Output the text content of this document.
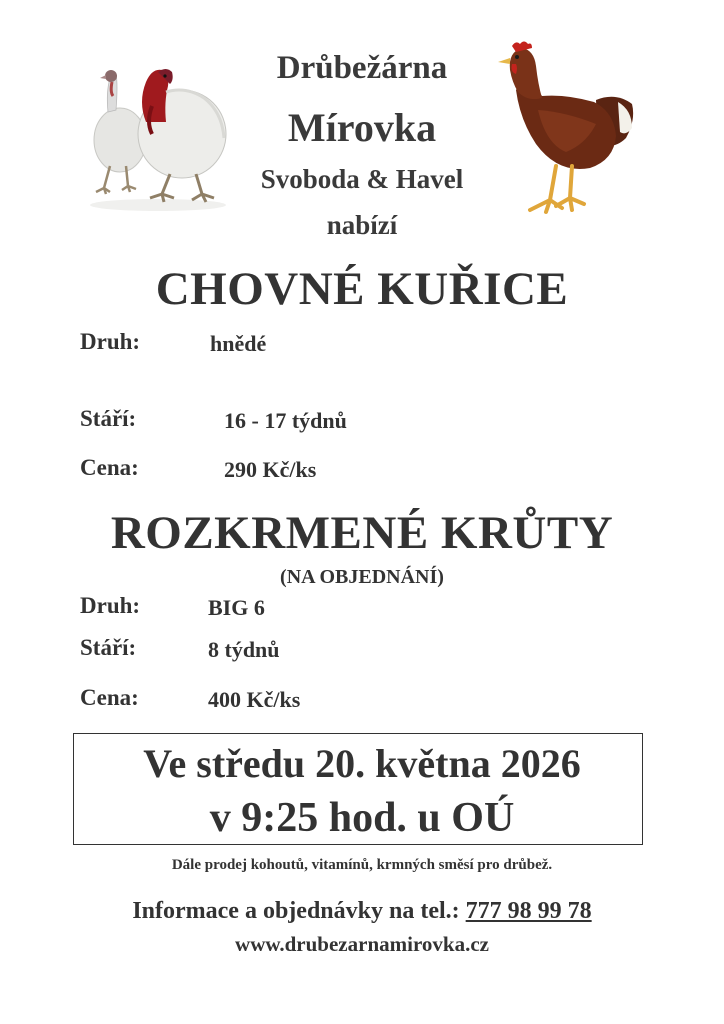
Drůbežárna
Mírovka
Svoboda & Havel
nabízí
CHOVNÉ KUŘICE
Druh:	hnědé
Stáří:	16 - 17 týdnů
Cena:	290 Kč/ks
ROZKRMENÉ KRŮTY
(NA OBJEDNÁNÍ)
Druh:	BIG 6
Stáří:	8 týdnů
Cena:	400 Kč/ks
Ve středu 20. května 2026
v 9:25 hod. u OÚ
Dále prodej kohoutů, vitamínů, krmných směsí pro drůbež.
Informace a objednávky na tel.: 777 98 99 78
www.drubezarnamirovka.cz
